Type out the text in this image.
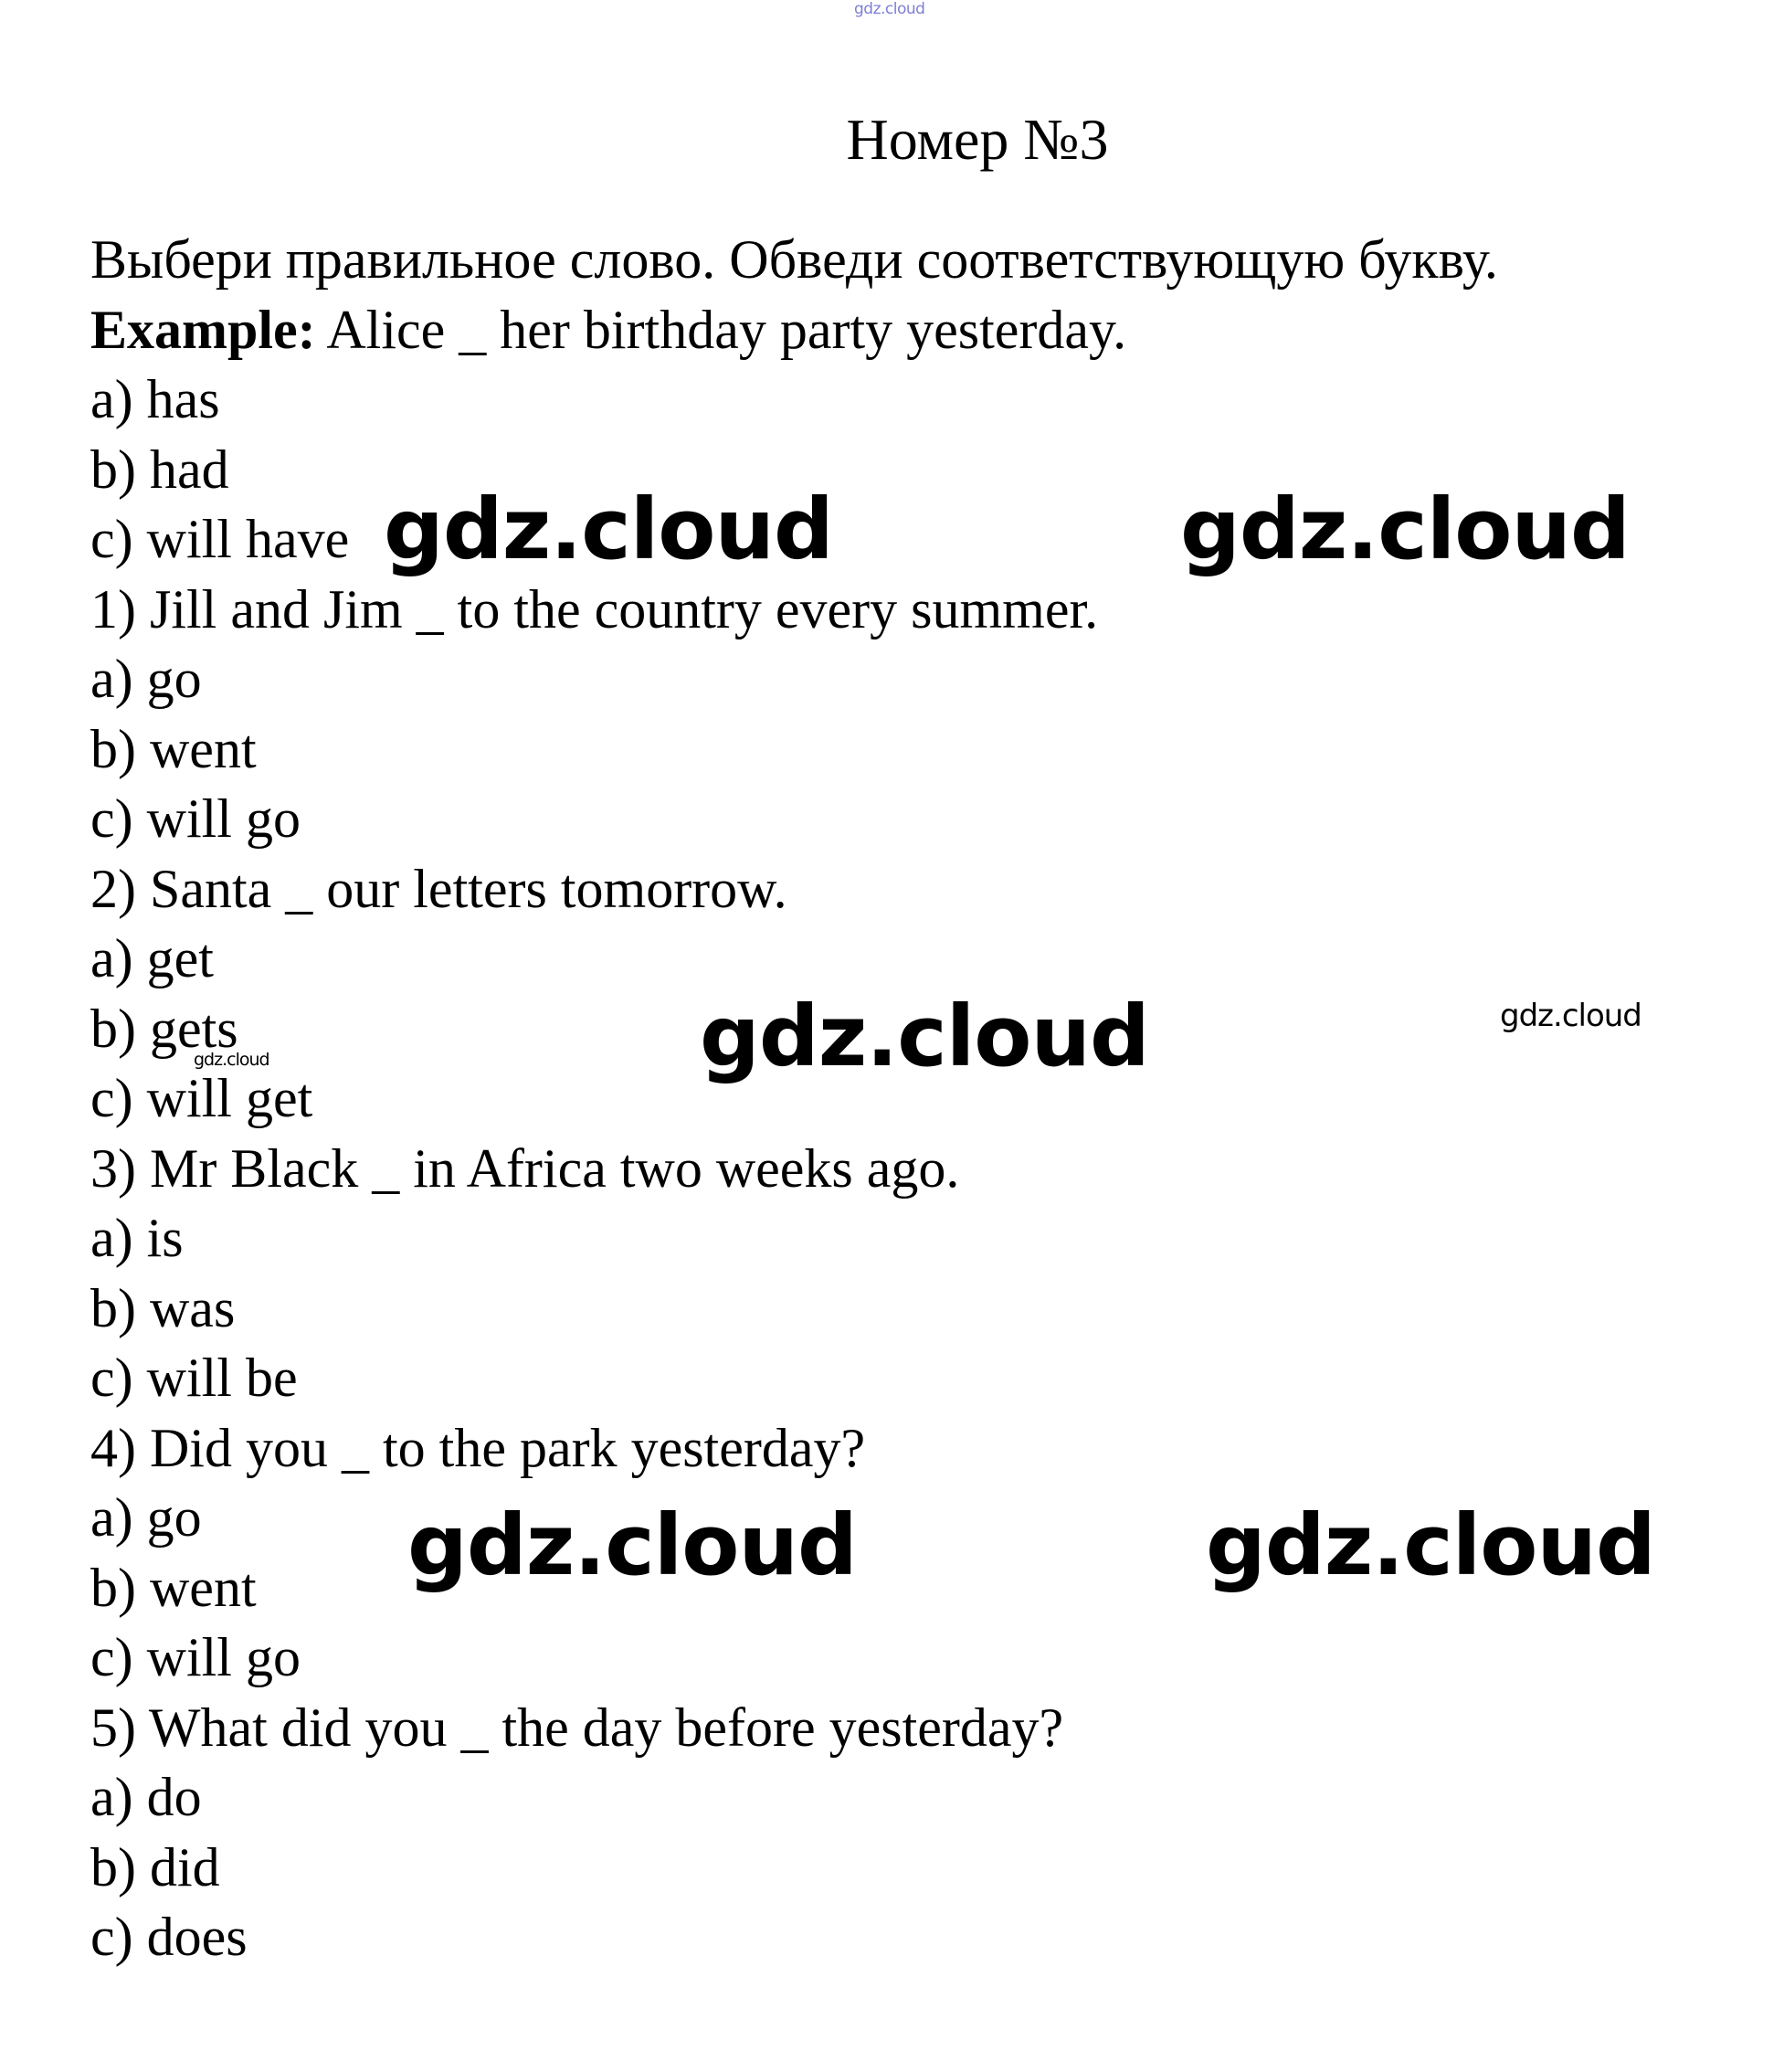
gdz.cloud
Номер №3
Выбери правильное слово. Обведи соответствующую букву.
Example: Alice _ her birthday party yesterday.
a) has
b) had
c) will have
1) Jill and Jim _ to the country every summer.
a) go
b) went
c) will go
2) Santa _ our letters tomorrow.
a) get
b) gets
c) will get
3) Mr Black _ in Africa two weeks ago.
a) is
b) was
c) will be
4) Did you _ to the park yesterday?
a) go
b) went
c) will go
5) What did you _ the day before yesterday?
a) do
b) did
c) does
gdz.cloud	gdz.cloud
gdz.cloud	gdz.cloud
gdz.cloud
gdz.cloud	gdz.cloud
